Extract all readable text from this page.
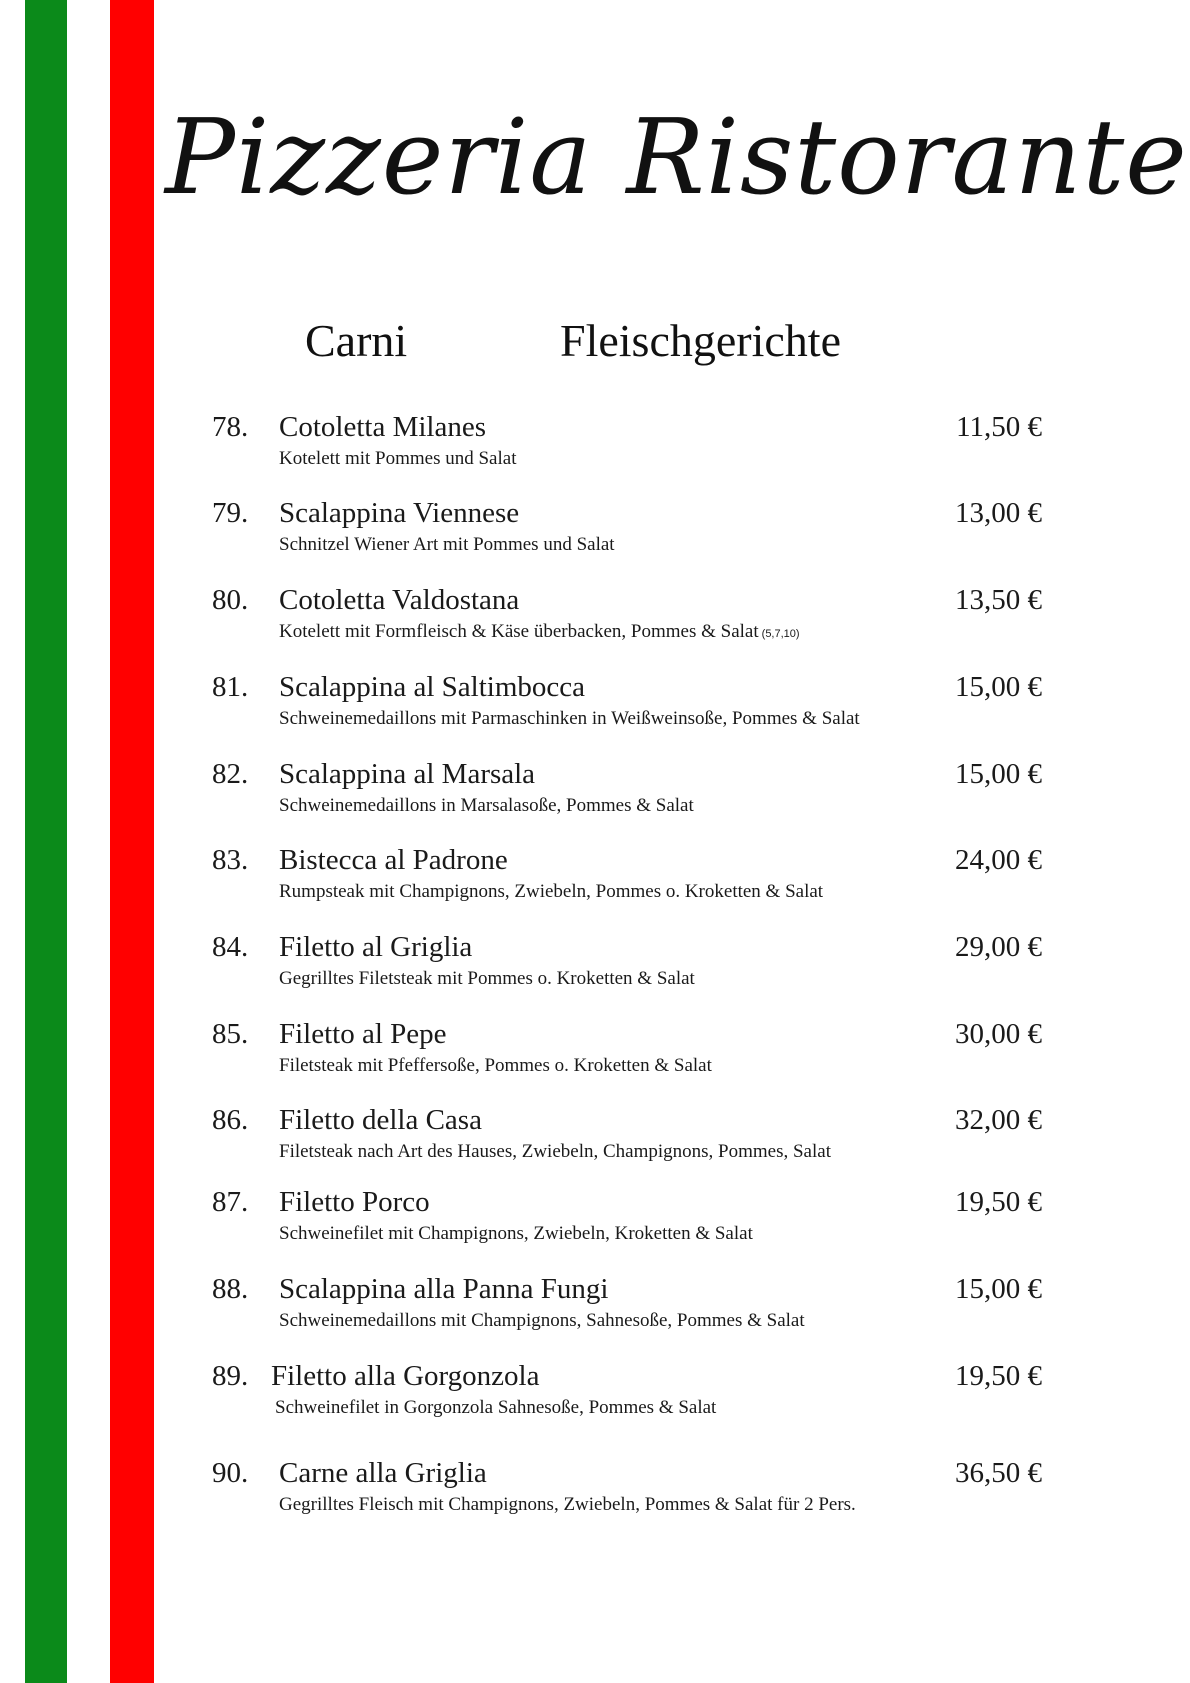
Pizzeria Ristorante
Carni	Fleischgerichte
78. Cotoletta Milanes
Kotelett mit Pommes und Salat
11,50 €
79. Scalappina Viennese
Schnitzel Wiener Art mit Pommes und Salat
13,00 €
80. Cotoletta Valdostana
Kotelett mit Formfleisch & Käse überbacken, Pommes & Salat (5,7,10)
13,50 €
81. Scalappina al Saltimbocca
Schweinemedaillons mit Parmaschinken in Weißweinsoße, Pommes & Salat
15,00 €
82. Scalappina al Marsala
Schweinemedaillons in Marsalasoße, Pommes & Salat
15,00 €
83. Bistecca al Padrone
Rumpsteak mit Champignons, Zwiebeln, Pommes o. Kroketten & Salat
24,00 €
84. Filetto al Griglia
Gegrilltes Filetsteak mit Pommes o. Kroketten & Salat
29,00 €
85. Filetto al Pepe
Filetsteak mit Pfeffersoße, Pommes o. Kroketten & Salat
30,00 €
86. Filetto della Casa
Filetsteak nach Art des Hauses, Zwiebeln, Champignons, Pommes, Salat
32,00 €
87. Filetto Porco
Schweinefilet mit Champignons, Zwiebeln, Kroketten & Salat
19,50 €
88. Scalappina alla Panna Fungi
Schweinemedaillons mit Champignons, Sahnesoße, Pommes & Salat
15,00 €
89. Filetto alla Gorgonzola
Schweinefilet in Gorgonzola Sahnesoße, Pommes & Salat
19,50 €
90. Carne alla Griglia
Gegrilltes Fleisch mit Champignons, Zwiebeln, Pommes & Salat für 2 Pers.
36,50 €
